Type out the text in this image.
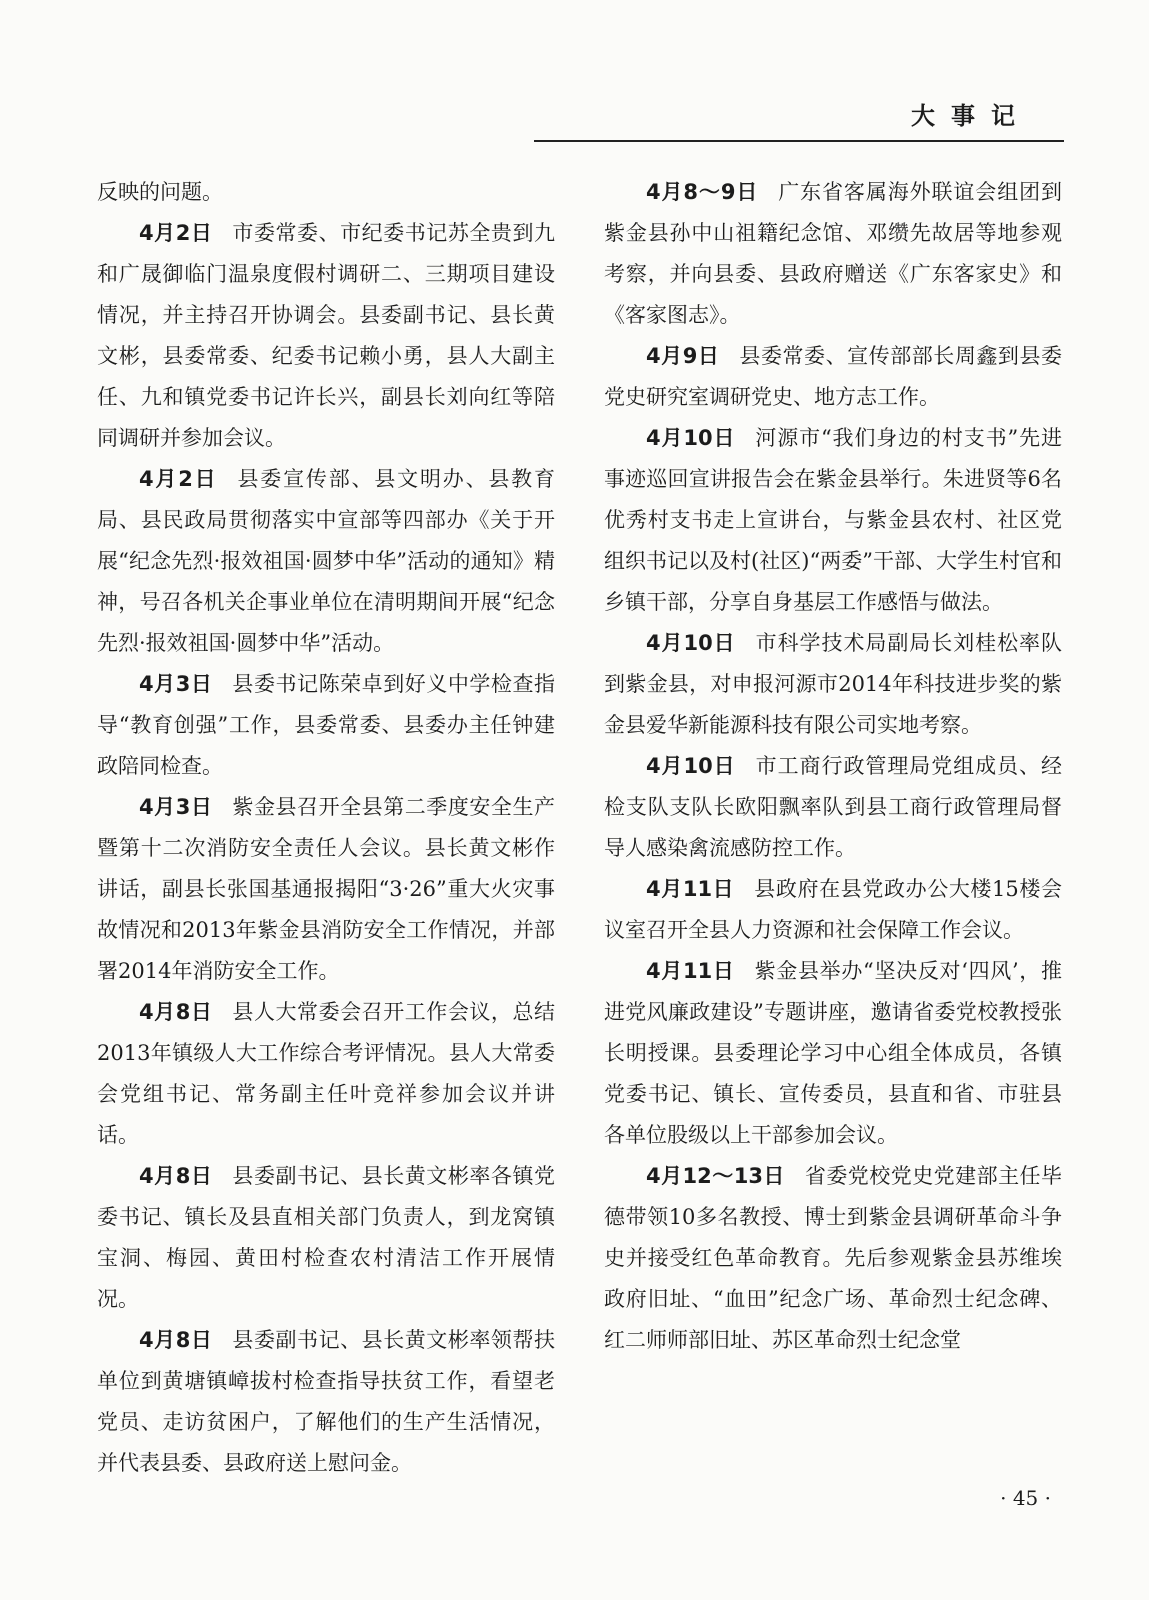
大事记

反映的问题。

4月2日 市委常委、市纪委书记苏全贵到九和广晟御临门温泉度假村调研二、三期项目建设情况，并主持召开协调会。县委副书记、县长黄文彬，县委常委、纪委书记赖小勇，县人大副主任、九和镇党委书记许长兴，副县长刘向红等陪同调研并参加会议。

4月2日 县委宣传部、县文明办、县教育局、县民政局贯彻落实中宣部等四部办《关于开展“纪念先烈·报效祖国·圆梦中华”活动的通知》精神，号召各机关企事业单位在清明期间开展“纪念先烈·报效祖国·圆梦中华”活动。

4月3日 县委书记陈荣卓到好义中学检查指导“教育创强”工作，县委常委、县委办主任钟建政陪同检查。

4月3日 紫金县召开全县第二季度安全生产暨第十二次消防安全责任人会议。县长黄文彬作讲话，副县长张国基通报揭阳“3·26”重大火灾事故情况和2013年紫金县消防安全工作情况，并部署2014年消防安全工作。

4月8日 县人大常委会召开工作会议，总结2013年镇级人大工作综合考评情况。县人大常委会党组书记、常务副主任叶竞祥参加会议并讲话。

4月8日 县委副书记、县长黄文彬率各镇党委书记、镇长及县直相关部门负责人，到龙窝镇宝洞、梅园、黄田村检查农村清洁工作开展情况。

4月8日 县委副书记、县长黄文彬率领帮扶单位到黄塘镇嶂拔村检查指导扶贫工作，看望老党员、走访贫困户，了解他们的生产生活情况，并代表县委、县政府送上慰问金。

4月8～9日 广东省客属海外联谊会组团到紫金县孙中山祖籍纪念馆、邓缵先故居等地参观考察，并向县委、县政府赠送《广东客家史》和《客家图志》。

4月9日 县委常委、宣传部部长周鑫到县委党史研究室调研党史、地方志工作。

4月10日 河源市“我们身边的村支书”先进事迹巡回宣讲报告会在紫金县举行。朱进贤等6名优秀村支书走上宣讲台，与紫金县农村、社区党组织书记以及村(社区)“两委”干部、大学生村官和乡镇干部，分享自身基层工作感悟与做法。

4月10日 市科学技术局副局长刘桂松率队到紫金县，对申报河源市2014年科技进步奖的紫金县爱华新能源科技有限公司实地考察。

4月10日 市工商行政管理局党组成员、经检支队支队长欧阳飘率队到县工商行政管理局督导人感染禽流感防控工作。

4月11日 县政府在县党政办公大楼15楼会议室召开全县人力资源和社会保障工作会议。

4月11日 紫金县举办“坚决反对‘四风’，推进党风廉政建设”专题讲座，邀请省委党校教授张长明授课。县委理论学习中心组全体成员，各镇党委书记、镇长、宣传委员，县直和省、市驻县各单位股级以上干部参加会议。

4月12～13日 省委党校党史党建部主任毕德带领10多名教授、博士到紫金县调研革命斗争史并接受红色革命教育。先后参观紫金县苏维埃政府旧址、“血田”纪念广场、革命烈士纪念碑、红二师师部旧址、苏区革命烈士纪念堂

· 45 ·
